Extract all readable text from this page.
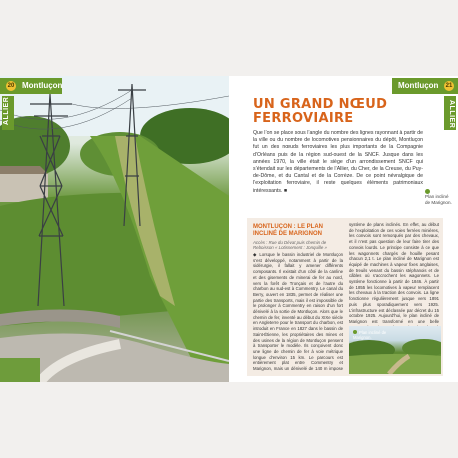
20 Montluçon
ALLIER
Montluçon 21
ALLIER
UN GRAND NŒUD
FERROVIAIRE
Que l’on se place sous l’angle du nombre des lignes rayonnant à partir de la ville ou du nombre de locomotives pensionnaires du dépôt, Montluçon fut un des nœuds ferroviaires les plus importants de la Compagnie d’Orléans puis de la région sud-ouest de la SNCF. Jusque dans les années 1970, la ville était le siège d’un arrondissement SNCF qui s’étendait sur les départements de l’Allier, du Cher, de la Creuse, du Puy-de-Dôme, et du Cantal et de la Corrèze. De ce point névralgique de l’exploitation ferroviaire, il reste quelques éléments patrimoniaux intéressants. ■
Plan incliné de Marignon.
MONTLUÇON : LE PLAN INCLINÉ DE MARIGNON
Accès : Rue du Dévat puis chemin de Reboisson « Lotissement : Jonquille »
◆ Lorsque le bassin industriel de Montluçon s’est développé, notamment à partir de la sidérurgie, il fallait y amener différents composants. Il existait d’un côté de la canline et des gisements de minerai de fer au nord, vers la forêt de Tronçais et de l’autre du charbon au sud-est à Commentry. Le canal du Berry, ouvert en 1835, permet de réaliser une partie des transports, mais il est impossible de le prolonger à Commentry en raison d’un fort dénivelé à la sortie de Montluçon. Alors que le chemin de fer, inventé au début du XIXe siècle en Angleterre pour le transport du charbon, est introduit en France en 1827 dans le bassin de Saint-Étienne, les propriétaires des mines et des usines de la région de Montluçon pensent à transporter le modèle. Ils conçoivent donc une ligne de chemin de fer à voie métrique longue d’environ 15 km. Le parcours est entièrement plat entre Commentry et Marignon, mais un dénivelé de 140 m impose
système de plans inclinés. En effet, au début de l’exploitation de ces voies ferrées minières, les convois sont remorqués par des chevaux, et il n’est pas question de leur faire tirer des convois lourds. Le principe consiste à ce que les wagonnets chargés de houille pesant chacun 2,1 t. Le plan incliné de Marignon est équipé de machines à vapeur fixes anglaises, de treuils venant du bassin stéphanois et de câbles où s’accrochent les wagonnets. Le système fonctionne à partir de 1846. À partir de 1855 les locomotives à vapeur remplacent les chevaux à la traction des convois. La ligne fonctionne régulièrement jusque vers 1891 puis plus sporadiquement vers 1925. L’infrastructure est déclassée par décret du 15 octobre 1925. Aujourd’hui, le plan incliné de Marignon est transformé en une belle
Plan incliné de Marignon.
